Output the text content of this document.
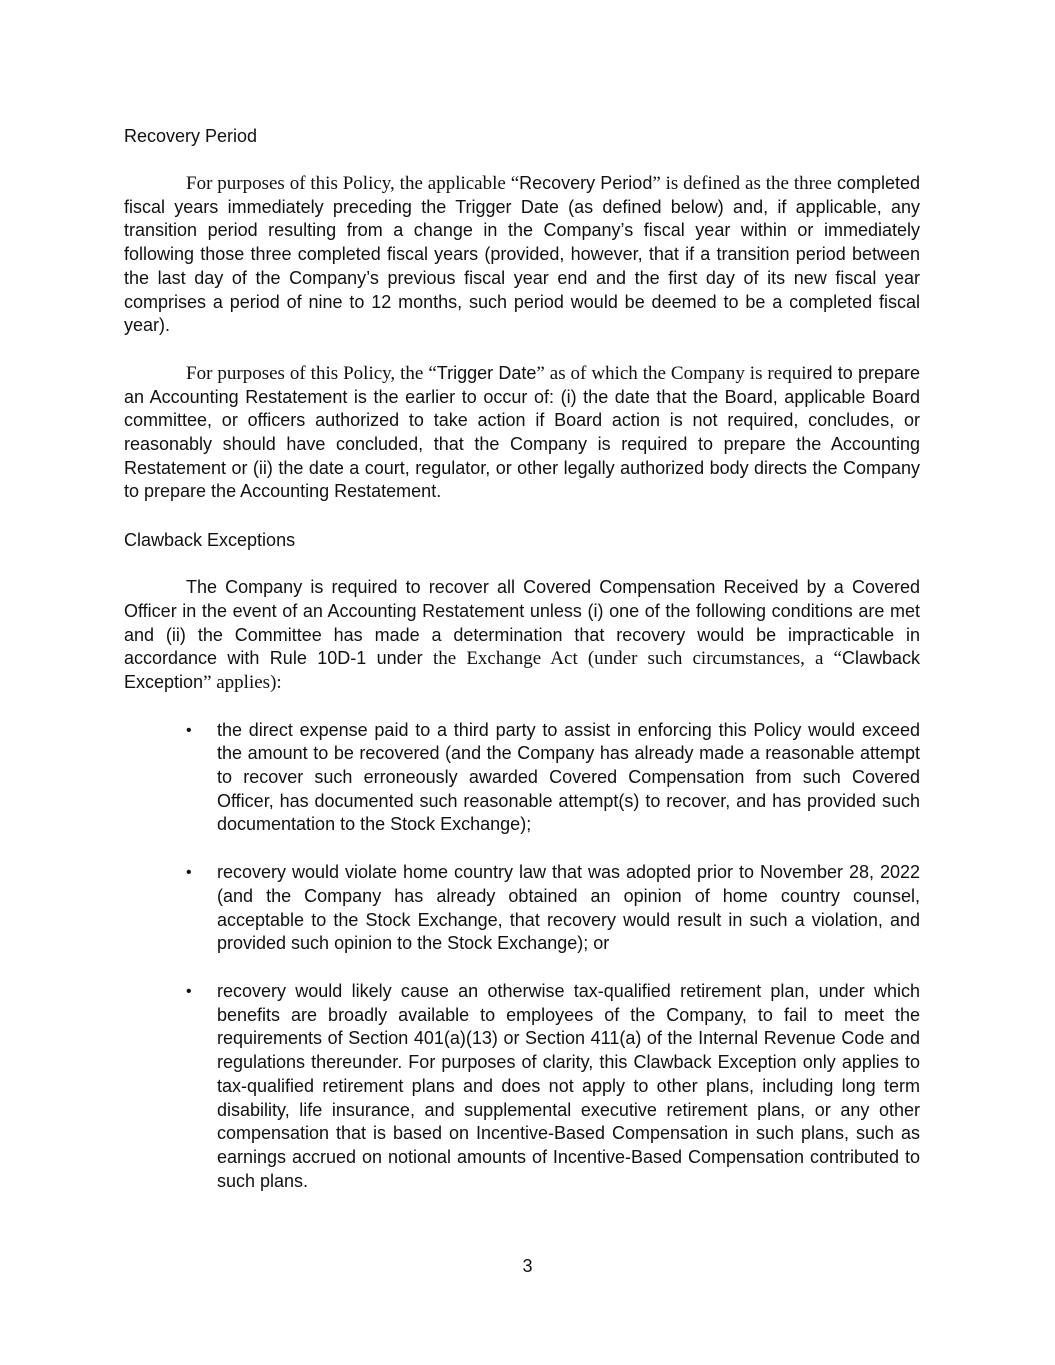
Recovery Period

For purposes of this Policy, the applicable “Recovery Period” is defined as the three completed fiscal years immediately preceding the Trigger Date (as defined below) and, if applicable, any transition period resulting from a change in the Company’s fiscal year within or immediately following those three completed fiscal years (provided, however, that if a transition period between the last day of the Company’s previous fiscal year end and the first day of its new fiscal year comprises a period of nine to 12 months, such period would be deemed to be a completed fiscal year).

For purposes of this Policy, the “Trigger Date” as of which the Company is required to prepare an Accounting Restatement is the earlier to occur of: (i) the date that the Board, applicable Board committee, or officers authorized to take action if Board action is not required, concludes, or reasonably should have concluded, that the Company is required to prepare the Accounting Restatement or (ii) the date a court, regulator, or other legally authorized body directs the Company to prepare the Accounting Restatement.

Clawback Exceptions

The Company is required to recover all Covered Compensation Received by a Covered Officer in the event of an Accounting Restatement unless (i) one of the following conditions are met and (ii) the Committee has made a determination that recovery would be impracticable in accordance with Rule 10D-1 under the Exchange Act (under such circumstances, a “Clawback Exception” applies):

• the direct expense paid to a third party to assist in enforcing this Policy would exceed the amount to be recovered (and the Company has already made a reasonable attempt to recover such erroneously awarded Covered Compensation from such Covered Officer, has documented such reasonable attempt(s) to recover, and has provided such documentation to the Stock Exchange);
• recovery would violate home country law that was adopted prior to November 28, 2022 (and the Company has already obtained an opinion of home country counsel, acceptable to the Stock Exchange, that recovery would result in such a violation, and provided such opinion to the Stock Exchange); or
• recovery would likely cause an otherwise tax-qualified retirement plan, under which benefits are broadly available to employees of the Company, to fail to meet the requirements of Section 401(a)(13) or Section 411(a) of the Internal Revenue Code and regulations thereunder. For purposes of clarity, this Clawback Exception only applies to tax-qualified retirement plans and does not apply to other plans, including long term disability, life insurance, and supplemental executive retirement plans, or any other compensation that is based on Incentive-Based Compensation in such plans, such as earnings accrued on notional amounts of Incentive-Based Compensation contributed to such plans.
3
